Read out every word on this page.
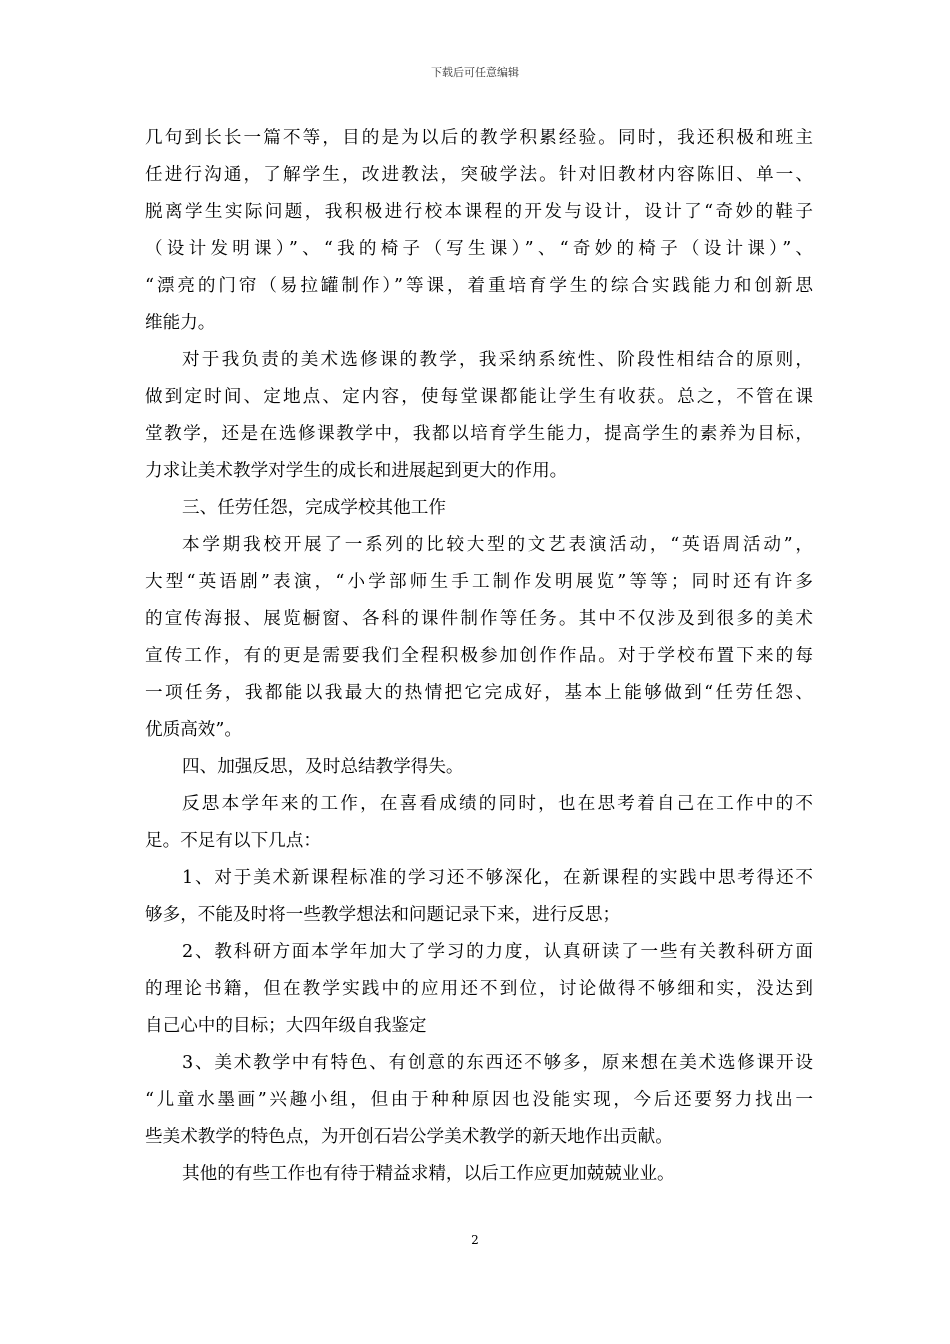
下载后可任意编辑
几句到长长一篇不等，目的是为以后的教学积累经验。同时，我还积极和班主
任进行沟通，了解学生，改进教法，突破学法。针对旧教材内容陈旧、单一、
脱离学生实际问题，我积极进行校本课程的开发与设计，设计了“奇妙的鞋子
（设计发明课）”、“我的椅子（写生课）”、“奇妙的椅子（设计课）”、
“漂亮的门帘（易拉罐制作）”等课，着重培育学生的综合实践能力和创新思
维能力。
对于我负责的美术选修课的教学，我采纳系统性、阶段性相结合的原则，
做到定时间、定地点、定内容，使每堂课都能让学生有收获。总之，不管在课
堂教学，还是在选修课教学中，我都以培育学生能力，提高学生的素养为目标，
力求让美术教学对学生的成长和进展起到更大的作用。
三、任劳任怨，完成学校其他工作
本学期我校开展了一系列的比较大型的文艺表演活动，“英语周活动”，
大型“英语剧”表演，“小学部师生手工制作发明展览”等等；同时还有许多
的宣传海报、展览橱窗、各科的课件制作等任务。其中不仅涉及到很多的美术
宣传工作，有的更是需要我们全程积极参加创作作品。对于学校布置下来的每
一项任务，我都能以我最大的热情把它完成好，基本上能够做到“任劳任怨、
优质高效”。
四、加强反思，及时总结教学得失。
反思本学年来的工作，在喜看成绩的同时，也在思考着自己在工作中的不
足。不足有以下几点：
1、对于美术新课程标准的学习还不够深化，在新课程的实践中思考得还不
够多，不能及时将一些教学想法和问题记录下来，进行反思；
2、教科研方面本学年加大了学习的力度，认真研读了一些有关教科研方面
的理论书籍，但在教学实践中的应用还不到位，讨论做得不够细和实，没达到
自己心中的目标；大四年级自我鉴定
3、美术教学中有特色、有创意的东西还不够多，原来想在美术选修课开设
“儿童水墨画”兴趣小组，但由于种种原因也没能实现，今后还要努力找出一
些美术教学的特色点，为开创石岩公学美术教学的新天地作出贡献。
其他的有些工作也有待于精益求精，以后工作应更加兢兢业业。
2
